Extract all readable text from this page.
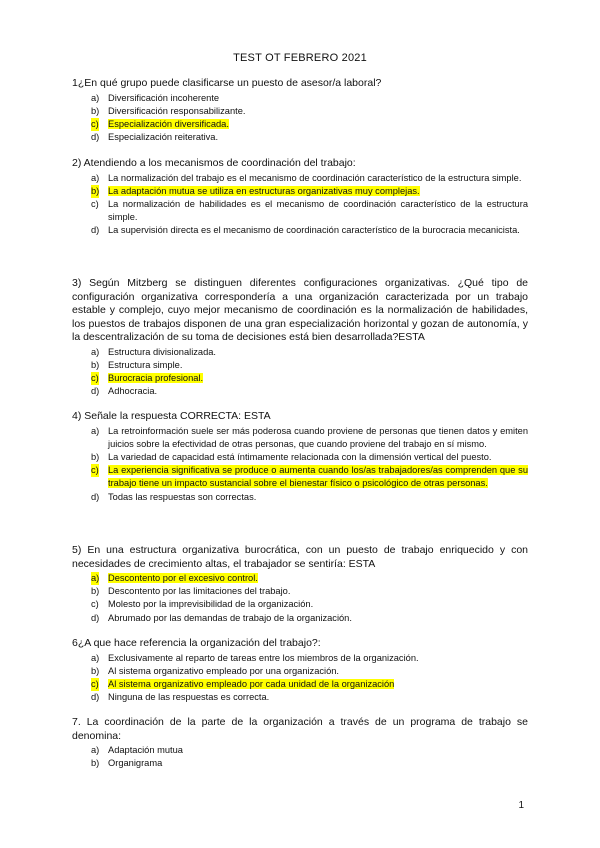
TEST OT FEBRERO 2021

1¿En qué grupo puede clasificarse un puesto de asesor/a laboral?

a) Diversificación incoherente
b) Diversificación responsabilizante.
c) Especialización diversificada.
d) Especialización reiterativa.

2) Atendiendo a los mecanismos de coordinación del trabajo:

a) La normalización del trabajo es el mecanismo de coordinación característico de la estructura simple.
b) La adaptación mutua se utiliza en estructuras organizativas muy complejas.
c) La normalización de habilidades es el mecanismo de coordinación característico de la estructura simple.
d) La supervisión directa es el mecanismo de coordinación característico de la burocracia mecanicista.

3) Según Mitzberg se distinguen diferentes configuraciones organizativas. ¿Qué tipo de configuración organizativa correspondería a una organización caracterizada por un trabajo estable y complejo, cuyo mejor mecanismo de coordinación es la normalización de habilidades, los puestos de trabajos disponen de una gran especialización horizontal y gozan de autonomía, y la descentralización de su toma de decisiones está bien desarrollada?ESTA

a) Estructura divisionalizada.
b) Estructura simple.
c) Burocracia profesional.
d) Adhocracia.

4) Señale la respuesta CORRECTA: ESTA

a) La retroinformación suele ser más poderosa cuando proviene de personas que tienen datos y emiten juicios sobre la efectividad de otras personas, que cuando proviene del trabajo en sí mismo.
b) La variedad de capacidad está íntimamente relacionada con la dimensión vertical del puesto.
c) La experiencia significativa se produce o aumenta cuando los/as trabajadores/as comprenden que su trabajo tiene un impacto sustancial sobre el bienestar físico o psicológico de otras personas.
d) Todas las respuestas son correctas.

5) En una estructura organizativa burocrática, con un puesto de trabajo enriquecido y con necesidades de crecimiento altas, el trabajador se sentiría: ESTA

a) Descontento por el excesivo control.
b) Descontento por las limitaciones del trabajo.
c) Molesto por la imprevisibilidad de la organización.
d) Abrumado por las demandas de trabajo de la organización.

6¿A que hace referencia la organización del trabajo?:

a) Exclusivamente al reparto de tareas entre los miembros de la organización.
b) Al sistema organizativo empleado por una organización.
c) Al sistema organizativo empleado por cada unidad de la organización
d) Ninguna de las respuestas es correcta.

7. La coordinación de la parte de la organización a través de un programa de trabajo se denomina:

a) Adaptación mutua
b) Organigrama
1
